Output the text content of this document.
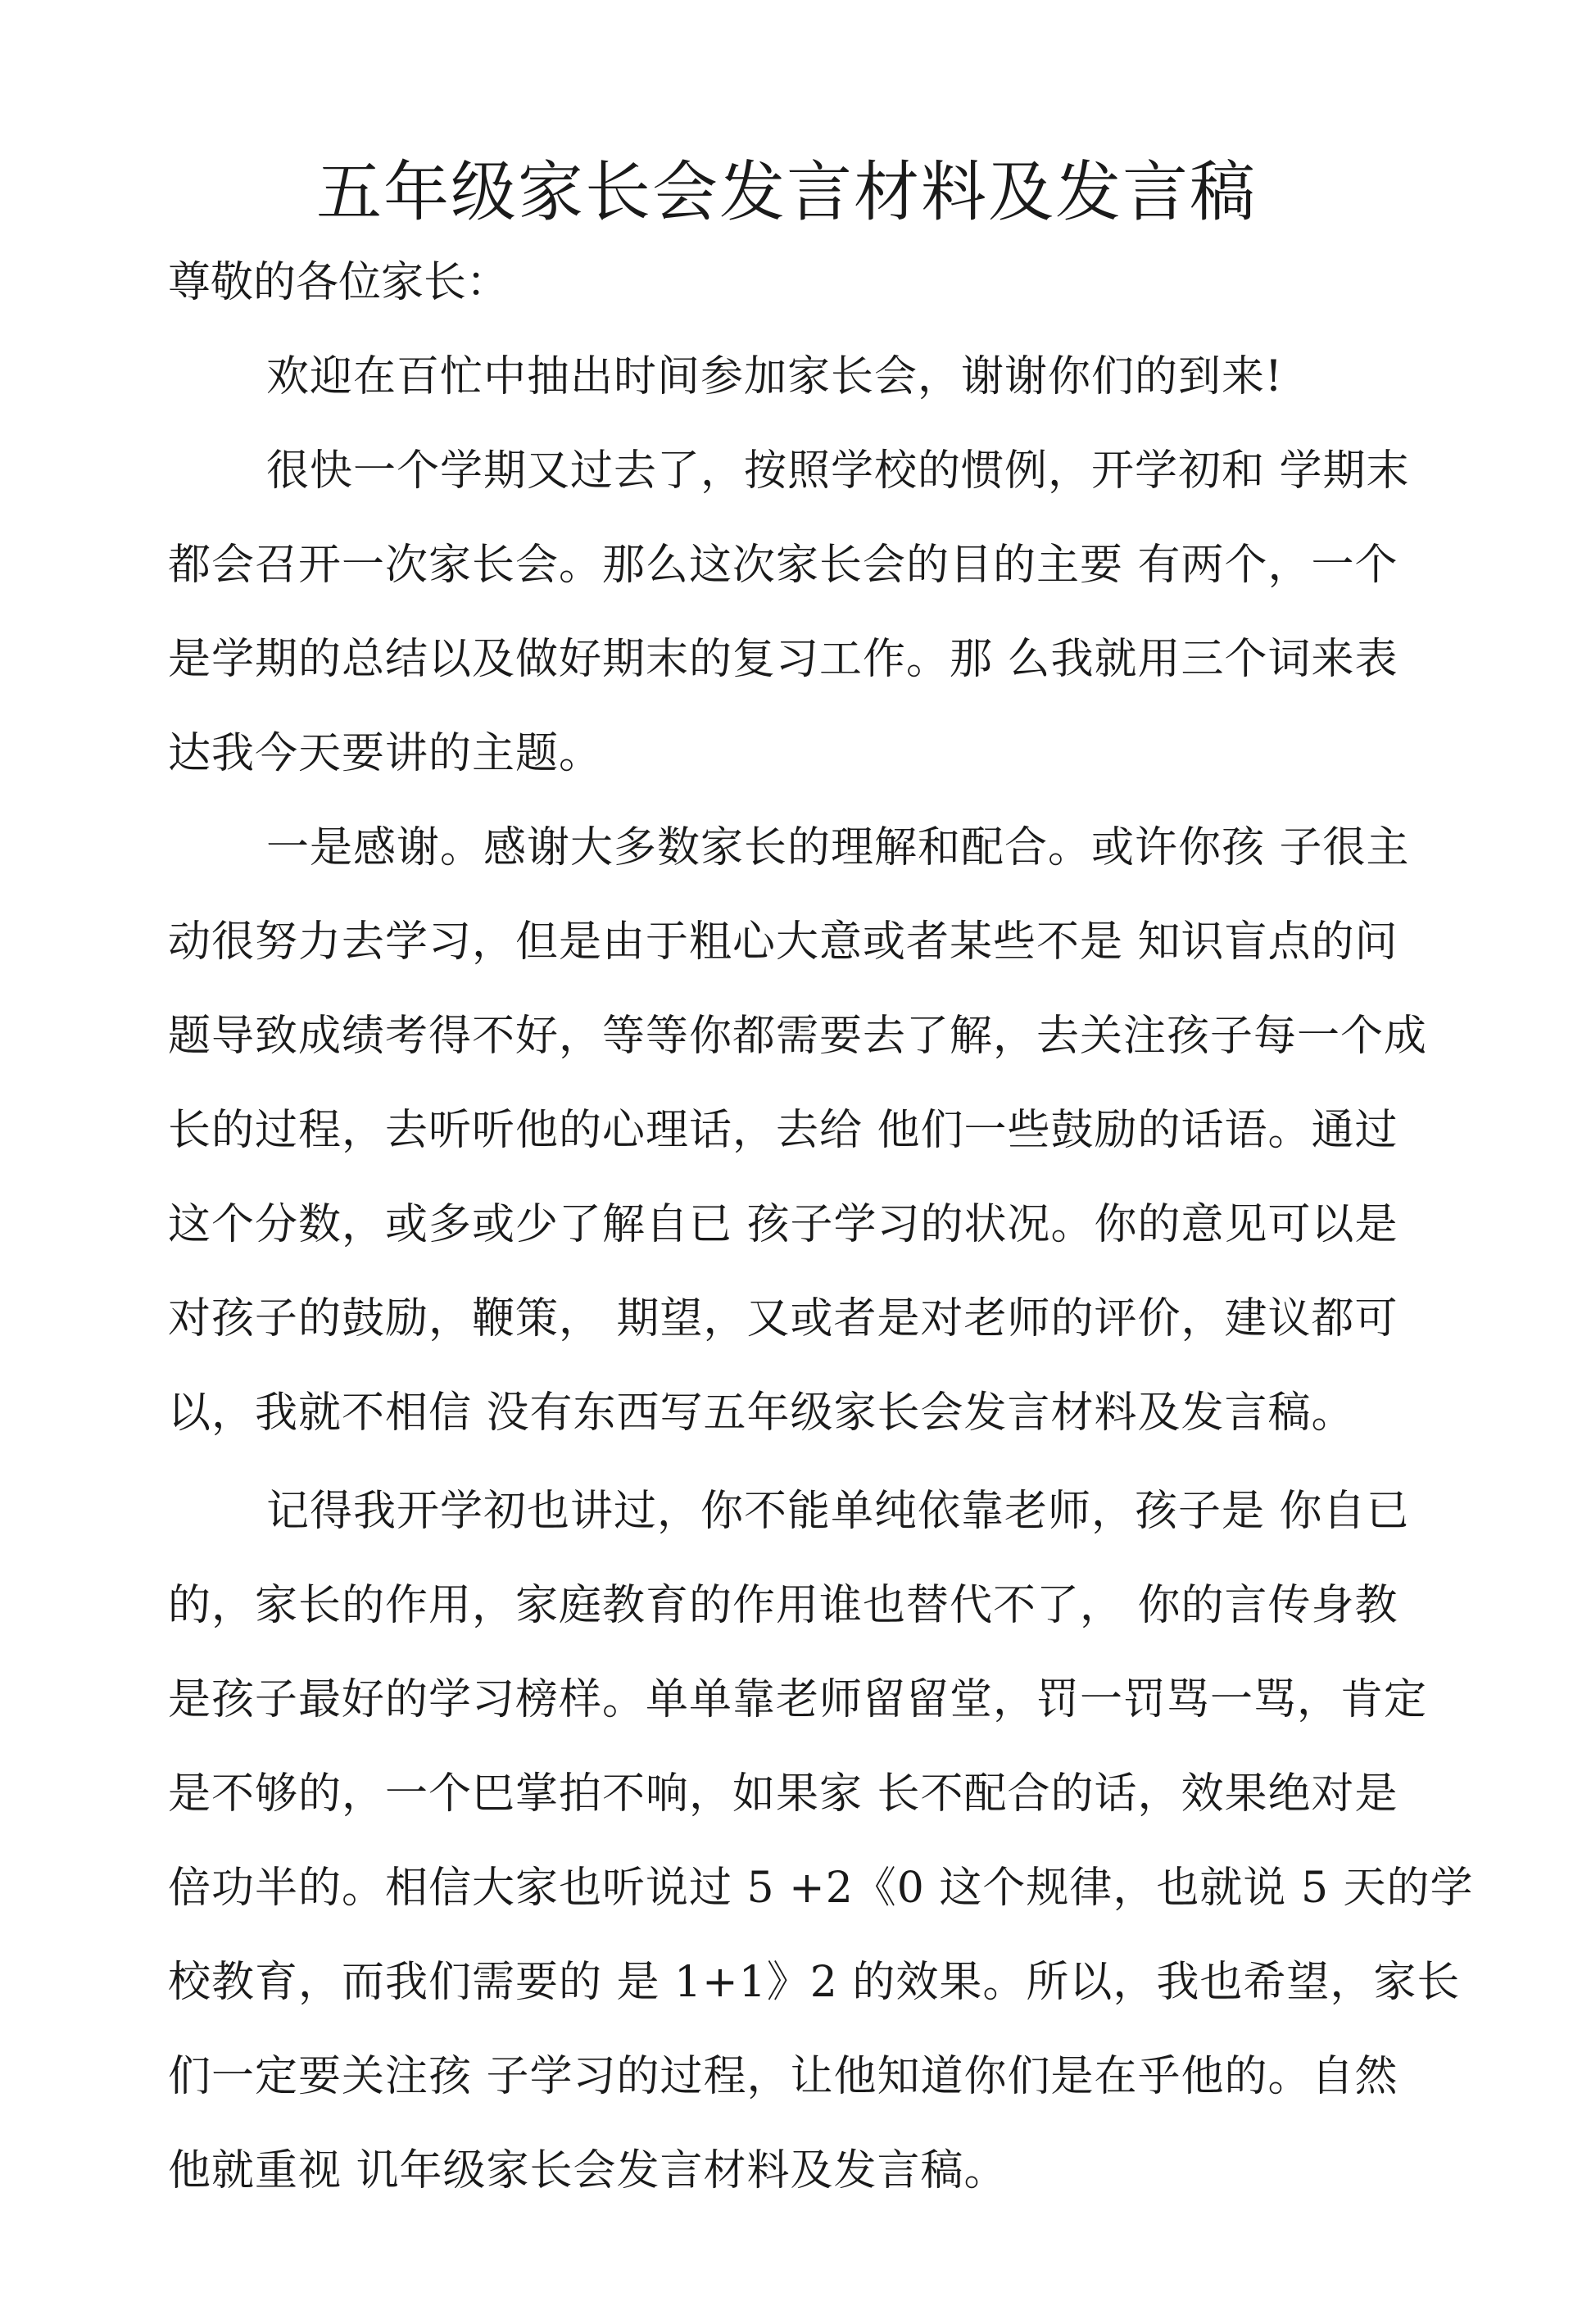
五年级家长会发言材料及发言稿

尊敬的各位家长：

欢迎在百忙中抽出时间参加家长会，谢谢你们的到来!

很快一个学期又过去了，按照学校的惯例，开学初和 学期末

都会召开一次家长会。那么这次家长会的目的主要 有两个，一个

是学期的总结以及做好期末的复习工作。那 么我就用三个词来表

达我今天要讲的主题。

一是感谢。感谢大多数家长的理解和配合。或许你孩 子很主

动很努力去学习，但是由于粗心大意或者某些不是 知识盲点的问

题导致成绩考得不好，等等你都需要去了解，去关注孩子每一个成

长的过程，去听听他的心理话，去给 他们一些鼓励的话语。通过

这个分数，或多或少了解自已 孩子学习的状况。你的意见可以是

对孩子的鼓励，鞭策， 期望，又或者是对老师的评价，建议都可

以，我就不相信 没有东西写五年级家长会发言材料及发言稿。

记得我开学初也讲过，你不能单纯依靠老师，孩子是 你自已

的，家长的作用，家庭教育的作用谁也替代不了， 你的言传身教

是孩子最好的学习榜样。单单靠老师留留堂，罚一罚骂一骂，肯定

是不够的，一个巴掌拍不响，如果家 长不配合的话，效果绝对是

倍功半的。相信大家也听说过 5 +2《0 这个规律，也就说 5 天的学

校教育，而我们需要的 是 1+1》2 的效果。所以，我也希望，家长

们一定要关注孩 子学习的过程，让他知道你们是在乎他的。自然

他就重视 讥年级家长会发言材料及发言稿。
